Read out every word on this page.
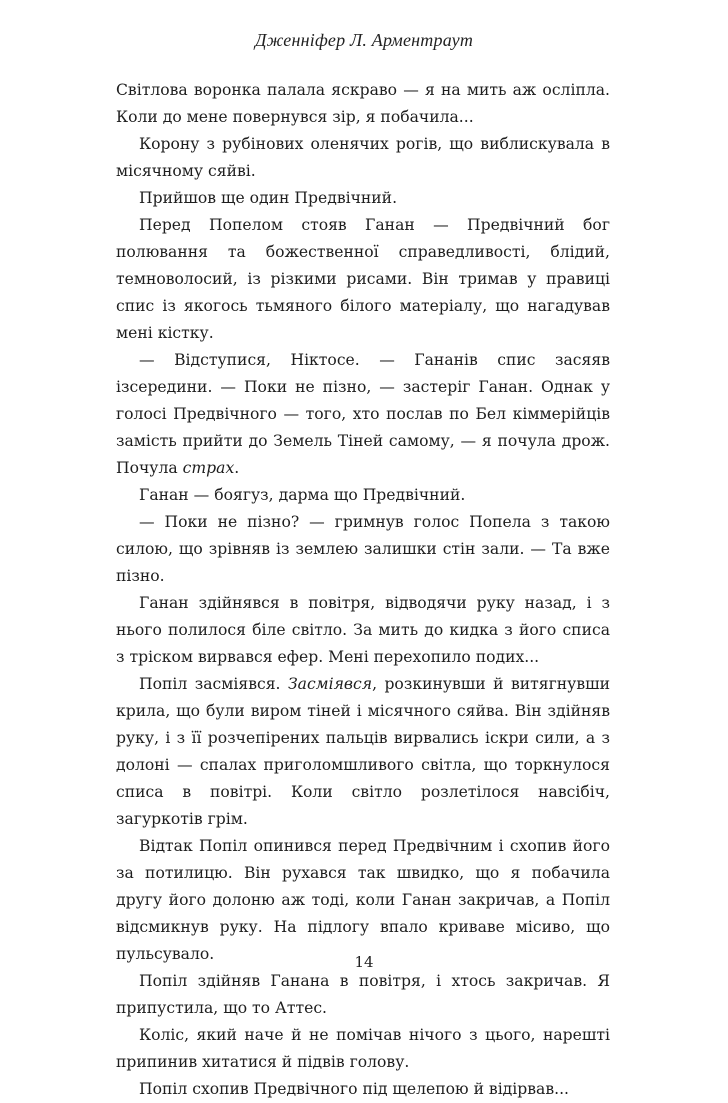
Дженніфер Л. Арментраут

Світлова воронка палала яскраво — я на мить аж осліпла. Коли до мене повернувся зір, я побачила...

Корону з рубінових оленячих рогів, що виблискувала в місячному сяйві.

Прийшов ще один Предвічний.

Перед Попелом стояв Ганан — Предвічний бог полювання та божественної справедливості, блідий, темноволосий, із різкими рисами. Він тримав у правиці спис із якогось тьмяного білого матеріалу, що нагадував мені кістку.

— Відступися, Ніктосе. — Гананів спис засяяв ізсередини. — Поки не пізно, — застеріг Ганан. Однак у голосі Предвічного — того, хто послав по Бел кіммерійців замість прийти до Земель Тіней самому, — я почула дрож. Почула страх.

Ганан — боягуз, дарма що Предвічний.

— Поки не пізно? — гримнув голос Попела з такою силою, що зрівняв із землею залишки стін зали. — Та вже пізно.

Ганан здійнявся в повітря, відводячи руку назад, і з нього полилося біле світло. За мить до кидка з його списа з тріском вирвався ефер. Мені перехопило подих...

Попіл засміявся. Засміявся, розкинувши й витягнувши крила, що були виром тіней і місячного сяйва. Він здійняв руку, і з її розчепірених пальців вирвались іскри сили, а з долоні — спалах приголомшливого світла, що торкнулося списа в повітрі. Коли світло розлетілося навсібіч, загуркотів грім.

Відтак Попіл опинився перед Предвічним і схопив його за потилицю. Він рухався так швидко, що я побачила другу його долоню аж тоді, коли Ганан закричав, а Попіл відсмикнув руку. На підлогу впало криваве місиво, що пульсувало.

Попіл здійняв Ганана в повітря, і хтось закричав. Я припустила, що то Аттес.

Колiс, який наче й не помічав нічого з цього, нарешті припинив хитатися й підвів голову.

Попіл схопив Предвічного під щелепою й відірвав...

14
